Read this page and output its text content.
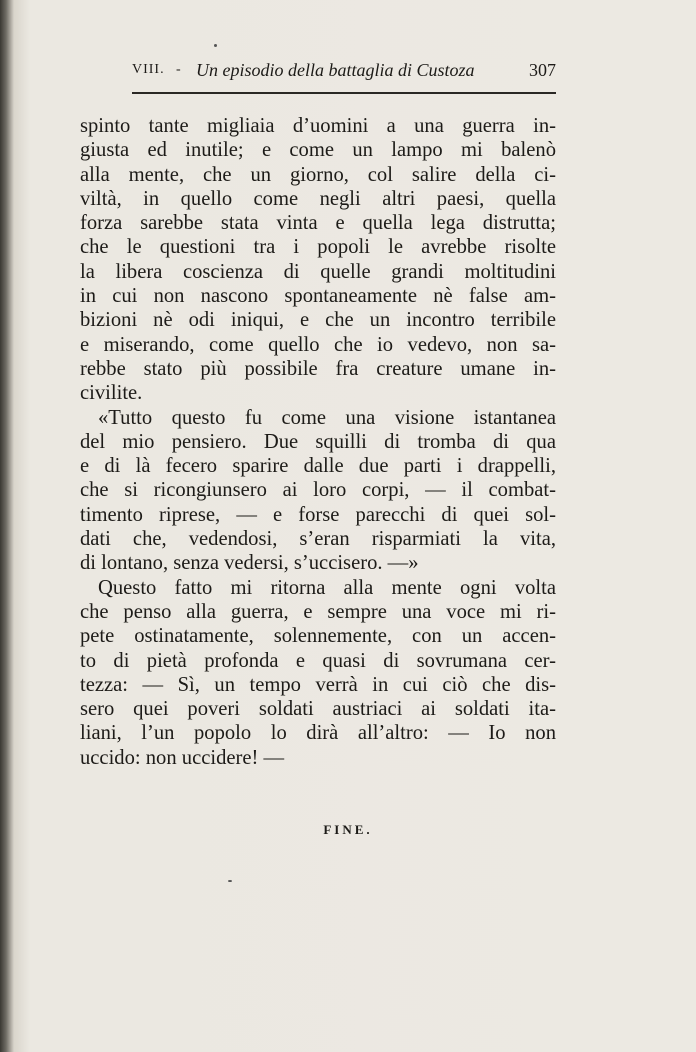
VIII. - Un episodio della battaglia di Custoza	307
spinto tante migliaia d’uomini a una guerra in-
giusta ed inutile; e come un lampo mi balenò
alla mente, che un giorno, col salire della ci-
viltà, in quello come negli altri paesi, quella
forza sarebbe stata vinta e quella lega distrutta;
che le questioni tra i popoli le avrebbe risolte
la libera coscienza di quelle grandi moltitudini
in cui non nascono spontaneamente nè false am-
bizioni nè odi iniqui, e che un incontro terribile
e miserando, come quello che io vedevo, non sa-
rebbe stato più possibile fra creature umane in-
civilite.
«Tutto questo fu come una visione istantanea
del mio pensiero. Due squilli di tromba di qua
e di là fecero sparire dalle due parti i drappelli,
che si ricongiunsero ai loro corpi, — il combat-
timento riprese, — e forse parecchi di quei sol-
dati che, vedendosi, s’eran risparmiati la vita,
di lontano, senza vedersi, s’uccisero. —»
Questo fatto mi ritorna alla mente ogni volta
che penso alla guerra, e sempre una voce mi ri-
pete ostinatamente, solennemente, con un accen-
to di pietà profonda e quasi di sovrumana cer-
tezza: — Sì, un tempo verrà in cui ciò che dis-
sero quei poveri soldati austriaci ai soldati ita-
liani, l’un popolo lo dirà all’altro: — Io non
uccido: non uccidere! —
FINE.
